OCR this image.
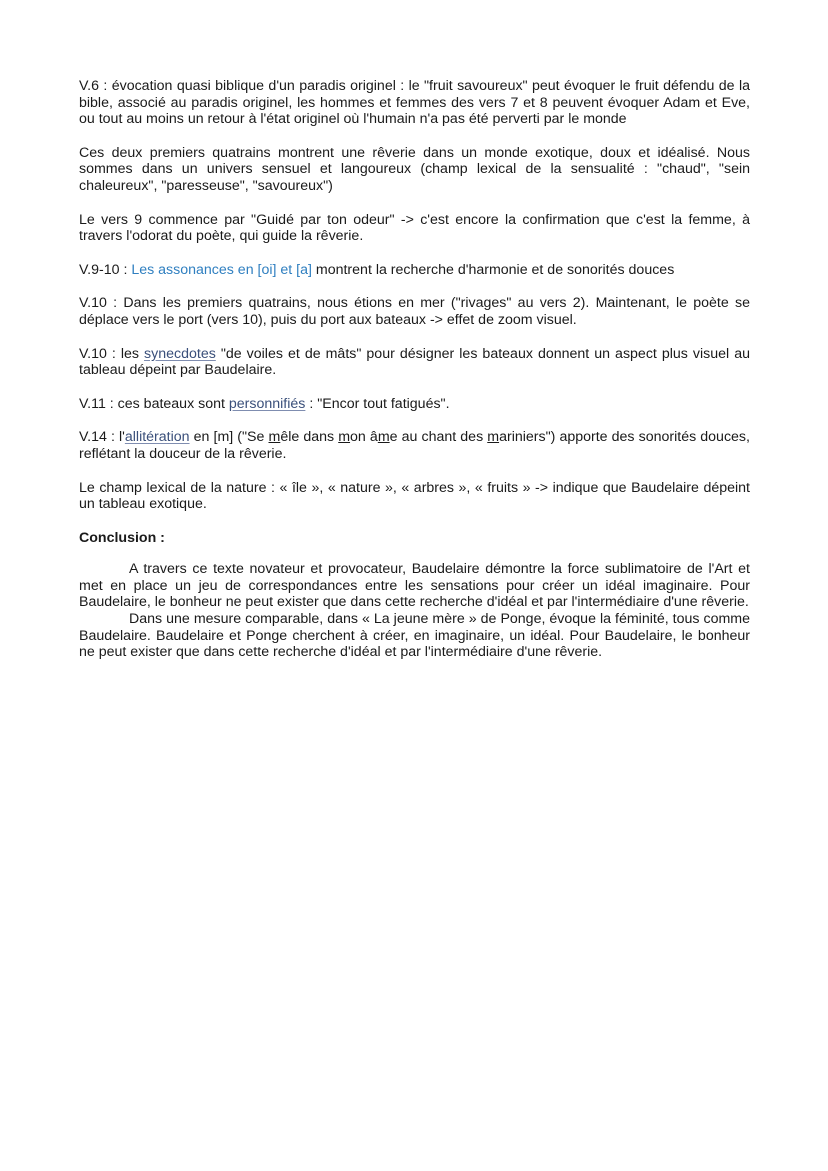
V.6 : évocation quasi biblique d'un paradis originel : le "fruit savoureux" peut évoquer le fruit défendu de la bible, associé au paradis originel, les hommes et femmes des vers 7 et 8 peuvent évoquer Adam et Eve, ou tout au moins un retour à l'état originel où l'humain n'a pas été perverti par le monde

Ces deux premiers quatrains montrent une rêverie dans un monde exotique, doux et idéalisé. Nous sommes dans un univers sensuel et langoureux (champ lexical de la sensualité : "chaud", "sein chaleureux", "paresseuse", "savoureux")

Le vers 9 commence par "Guidé par ton odeur" -> c'est encore la confirmation que c'est la femme, à travers l'odorat du poète, qui guide la rêverie.

V.9-10 : Les assonances en [oi] et [a] montrent la recherche d'harmonie et de sonorités douces

V.10 : Dans les premiers quatrains, nous étions en mer ("rivages" au vers 2). Maintenant, le poète se déplace vers le port (vers 10), puis du port aux bateaux -> effet de zoom visuel.

V.10 : les synecdotes "de voiles et de mâts" pour désigner les bateaux donnent un aspect plus visuel au tableau dépeint par Baudelaire.

V.11 : ces bateaux sont personnifiés : "Encor tout fatigués".

V.14 : l'allitération en [m] ("Se mêle dans mon âme au chant des mariniers") apporte des sonorités douces, reflétant la douceur de la rêverie.

Le champ lexical de la nature : « île », « nature », « arbres », « fruits » -> indique que Baudelaire dépeint un tableau exotique.

Conclusion :

A travers ce texte novateur et provocateur, Baudelaire démontre la force sublimatoire de l'Art et met en place un jeu de correspondances entre les sensations pour créer un idéal imaginaire. Pour Baudelaire, le bonheur ne peut exister que dans cette recherche d'idéal et par l'intermédiaire d'une rêverie.

Dans une mesure comparable, dans « La jeune mère » de Ponge, évoque la féminité, tous comme Baudelaire. Baudelaire et Ponge cherchent à créer, en imaginaire, un idéal. Pour Baudelaire, le bonheur ne peut exister que dans cette recherche d'idéal et par l'intermédiaire d'une rêverie.
